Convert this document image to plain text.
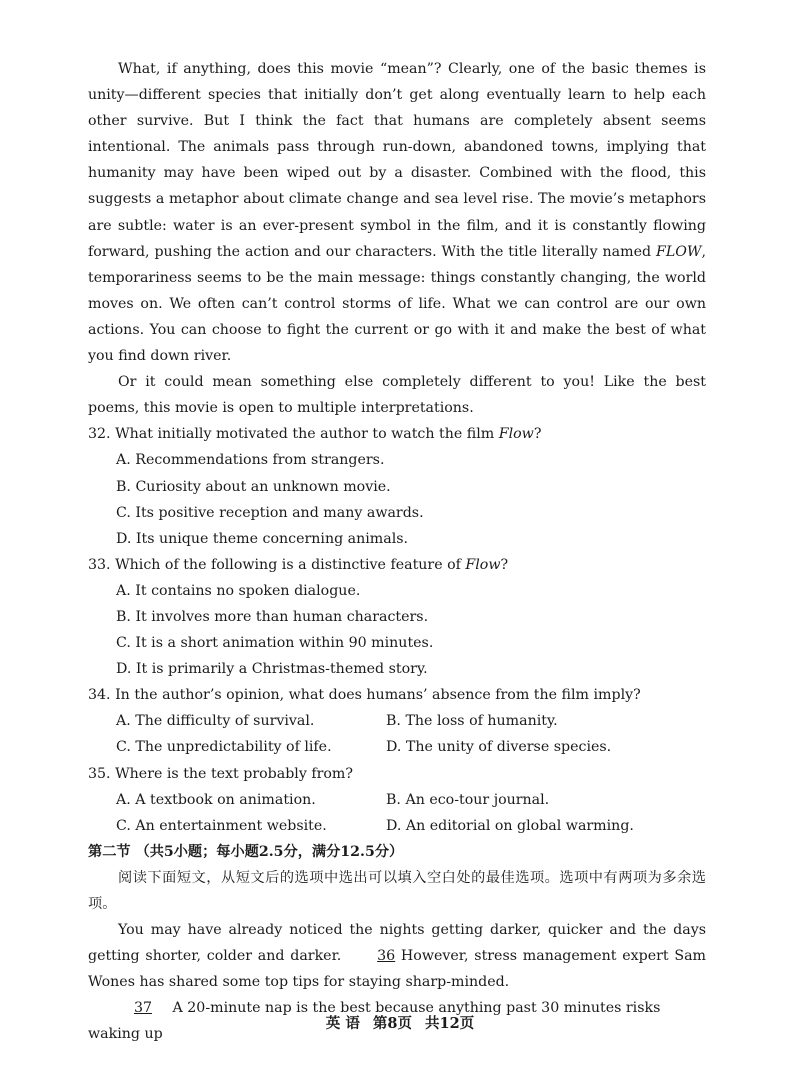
What, if anything, does this movie “mean”? Clearly, one of the basic themes is unity—different species that initially don’t get along eventually learn to help each other survive. But I think the fact that humans are completely absent seems intentional. The animals pass through run-down, abandoned towns, implying that humanity may have been wiped out by a disaster. Combined with the flood, this suggests a metaphor about climate change and sea level rise. The movie’s metaphors are subtle: water is an ever-present symbol in the film, and it is constantly flowing forward, pushing the action and our characters. With the title literally named FLOW, temporariness seems to be the main message: things constantly changing, the world moves on. We often can’t control storms of life. What we can control are our own actions. You can choose to fight the current or go with it and make the best of what you find down river.

Or it could mean something else completely different to you! Like the best poems, this movie is open to multiple interpretations.

32. What initially motivated the author to watch the film Flow?

A. Recommendations from strangers.

B. Curiosity about an unknown movie.

C. Its positive reception and many awards.

D. Its unique theme concerning animals.

33. Which of the following is a distinctive feature of Flow?

A. It contains no spoken dialogue.

B. It involves more than human characters.

C. It is a short animation within 90 minutes.

D. It is primarily a Christmas-themed story.

34. In the author’s opinion, what does humans’ absence from the film imply?

A. The difficulty of survival.	B. The loss of humanity.
C. The unpredictability of life.	D. The unity of diverse species.

35. Where is the text probably from?

A. A textbook on animation.	B. An eco-tour journal.
C. An entertainment website.	D. An editorial on global warming.

第二节 （共5小题；每小题2.5分，满分12.5分）

阅读下面短文，从短文后的选项中选出可以填入空白处的最佳选项。选项中有两项为多余选项。

You may have already noticed the nights getting darker, quicker and the days getting shorter, colder and darker. 36 However, stress management expert Sam Wones has shared some top tips for staying sharp-minded.

37 A 20-minute nap is the best because anything past 30 minutes risks waking up

英 语 第8页 共12页
